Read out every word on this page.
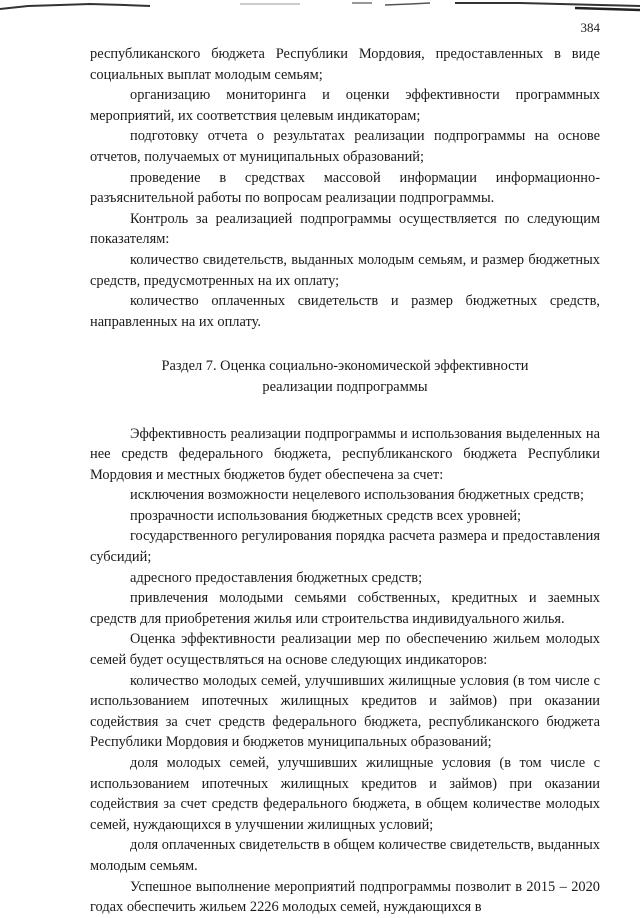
384

республиканского бюджета Республики Мордовия, предоставленных в виде социальных выплат молодым семьям;

организацию мониторинга и оценки эффективности программных мероприятий, их соответствия целевым индикаторам;

подготовку отчета о результатах реализации подпрограммы на основе отчетов, получаемых от муниципальных образований;

проведение в средствах массовой информации информационно-разъяснительной работы по вопросам реализации подпрограммы.

Контроль за реализацией подпрограммы осуществляется по следующим показателям:

количество свидетельств, выданных молодым семьям, и размер бюджетных средств, предусмотренных на их оплату;

количество оплаченных свидетельств и размер бюджетных средств, направленных на их оплату.

Раздел 7. Оценка социально-экономической эффективности
реализации подпрограммы

Эффективность реализации подпрограммы и использования выделенных на нее средств федерального бюджета, республиканского бюджета Республики Мордовия и местных бюджетов будет обеспечена за счет:

исключения возможности нецелевого использования бюджетных средств;

прозрачности использования бюджетных средств всех уровней;

государственного регулирования порядка расчета размера и предоставления субсидий;

адресного предоставления бюджетных средств;

привлечения молодыми семьями собственных, кредитных и заемных средств для приобретения жилья или строительства индивидуального жилья.

Оценка эффективности реализации мер по обеспечению жильем молодых семей будет осуществляться на основе следующих индикаторов:

количество молодых семей, улучшивших жилищные условия (в том числе с использованием ипотечных жилищных кредитов и займов) при оказании содействия за счет средств федерального бюджета, республиканского бюджета Республики Мордовия и бюджетов муниципальных образований;

доля молодых семей, улучшивших жилищные условия (в том числе с использованием ипотечных жилищных кредитов и займов) при оказании содействия за счет средств федерального бюджета, в общем количестве молодых семей, нуждающихся в улучшении жилищных условий;

доля оплаченных свидетельств в общем количестве свидетельств, выданных молодым семьям.

Успешное выполнение мероприятий подпрограммы позволит в 2015 – 2020 годах обеспечить жильем 2226 молодых семей, нуждающихся в
